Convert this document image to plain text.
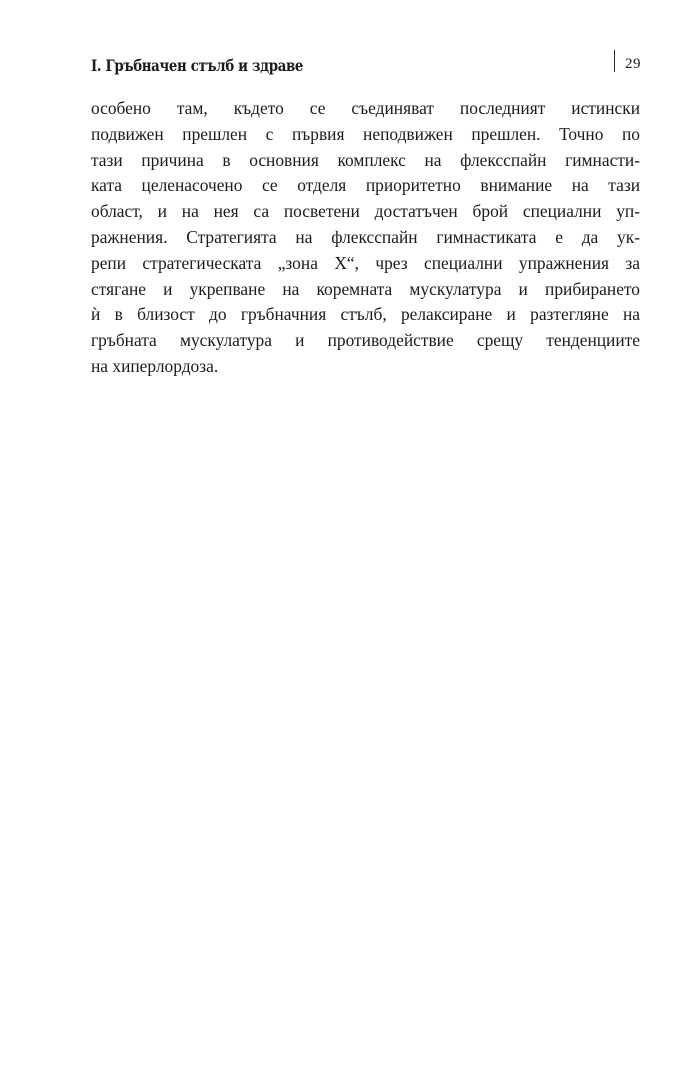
I. Гръбначен стълб и здраве	29
особено там, където се съединяват последният истински
подвижен прешлен с първия неподвижен прешлен. Точно по
тази причина в основния комплекс на флексспайн гимнасти-
ката целенасочено се отделя приоритетно внимание на тази
област, и на нея са посветени достатъчен брой специални уп-
ражнения. Стратегията на флексспайн гимнастиката е да ук-
репи стратегическата „зона X“, чрез специални упражнения за
стягане и укрепване на коремната мускулатура и прибирането
ѝ в близост до гръбначния стълб, релаксиране и разтегляне на
гръбната мускулатура и противодействие срещу тенденциите
на хиперлордоза.
